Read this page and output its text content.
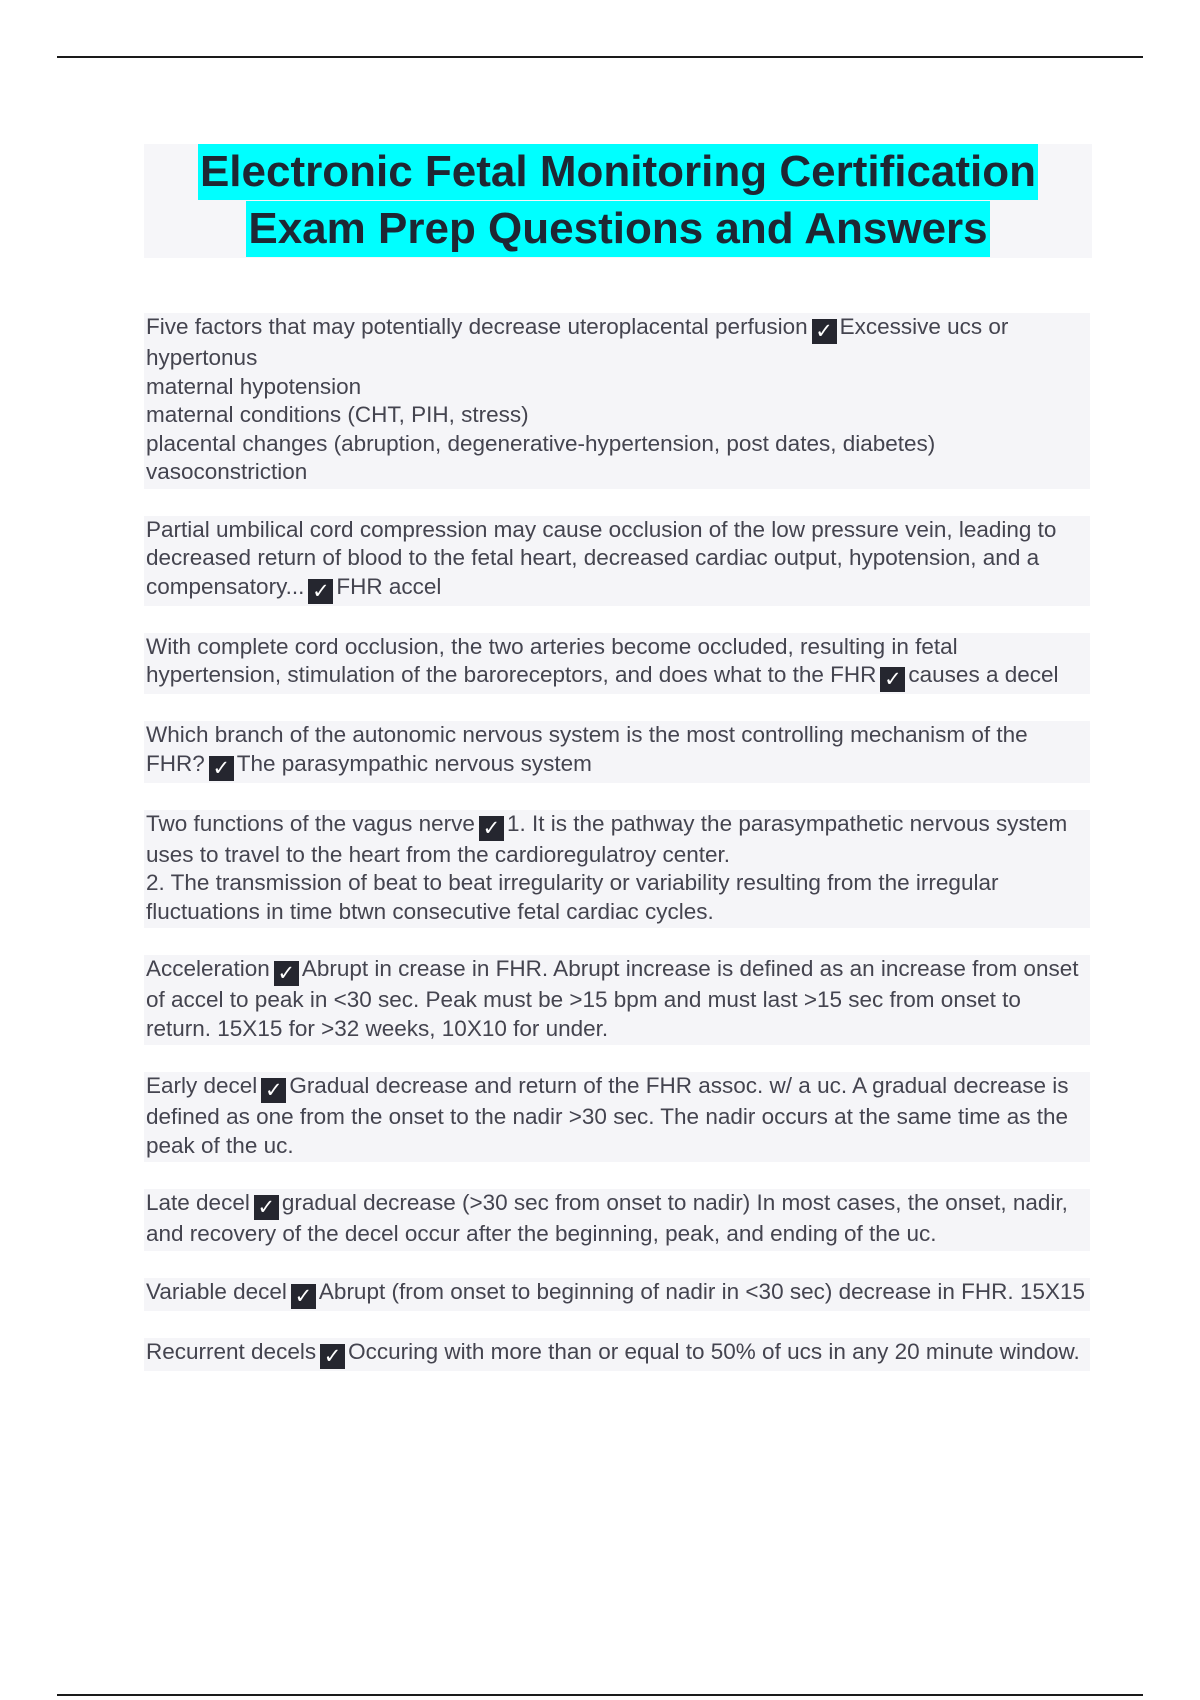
Electronic Fetal Monitoring Certification
Exam Prep Questions and Answers
Five factors that may potentially decrease uteroplacental perfusion ✓ Excessive ucs or hypertonus
maternal hypotension
maternal conditions (CHT, PIH, stress)
placental changes (abruption, degenerative-hypertension, post dates, diabetes)
vasoconstriction
Partial umbilical cord compression may cause occlusion of the low pressure vein, leading to decreased return of blood to the fetal heart, decreased cardiac output, hypotension, and a compensatory... ✓ FHR accel
With complete cord occlusion, the two arteries become occluded, resulting in fetal hypertension, stimulation of the baroreceptors, and does what to the FHR ✓ causes a decel
Which branch of the autonomic nervous system is the most controlling mechanism of the FHR? ✓ The parasympathic nervous system
Two functions of the vagus nerve ✓ 1. It is the pathway the parasympathetic nervous system uses to travel to the heart from the cardioregulatroy center.
2. The transmission of beat to beat irregularity or variability resulting from the irregular fluctuations in time btwn consecutive fetal cardiac cycles.
Acceleration ✓ Abrupt in crease in FHR. Abrupt increase is defined as an increase from onset of accel to peak in <30 sec. Peak must be >15 bpm and must last >15 sec from onset to return. 15X15 for >32 weeks, 10X10 for under.
Early decel ✓ Gradual decrease and return of the FHR assoc. w/ a uc. A gradual decrease is defined as one from the onset to the nadir >30 sec. The nadir occurs at the same time as the peak of the uc.
Late decel ✓ gradual decrease (>30 sec from onset to nadir) In most cases, the onset, nadir, and recovery of the decel occur after the beginning, peak, and ending of the uc.
Variable decel ✓ Abrupt (from onset to beginning of nadir in <30 sec) decrease in FHR. 15X15
Recurrent decels ✓ Occuring with more than or equal to 50% of ucs in any 20 minute window.
